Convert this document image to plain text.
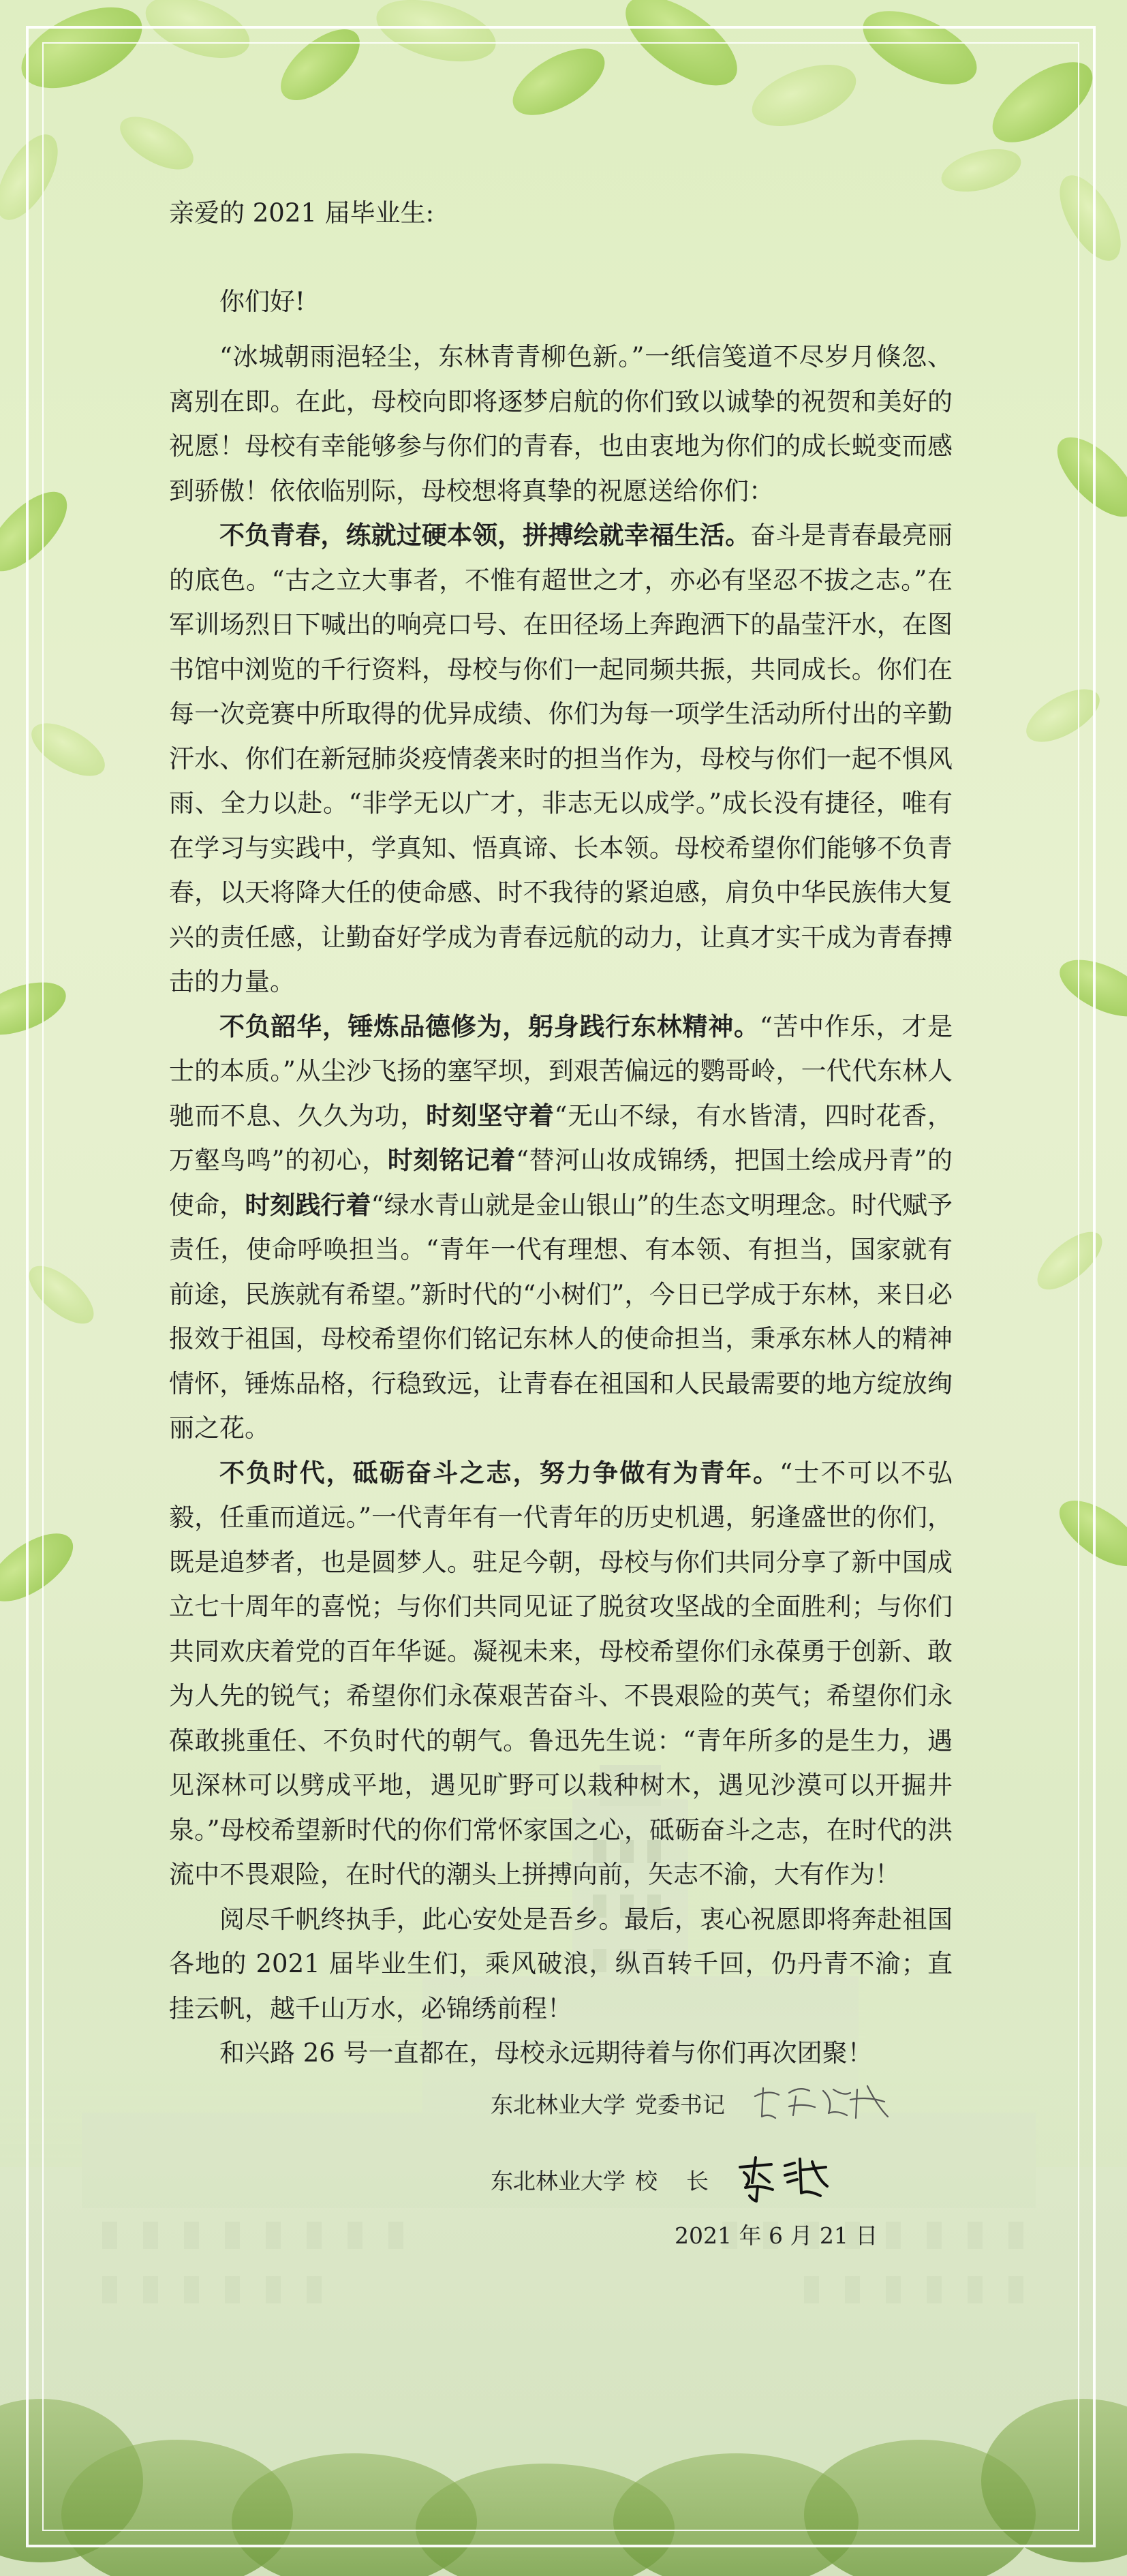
亲爱的 2021 届毕业生:

你们好!

“冰城朝雨浥轻尘，东林青青柳色新。”一纸信笺道不尽岁月倏忽、离别在即。在此，母校向即将逐梦启航的你们致以诚挚的祝贺和美好的祝愿！母校有幸能够参与你们的青春，也由衷地为你们的成长蜕变而感到骄傲！依依临别际，母校想将真挚的祝愿送给你们：

不负青春，练就过硬本领，拼搏绘就幸福生活。奋斗是青春最亮丽的底色。“古之立大事者，不惟有超世之才，亦必有坚忍不拔之志。”在军训场烈日下喊出的响亮口号、在田径场上奔跑洒下的晶莹汗水，在图书馆中浏览的千行资料，母校与你们一起同频共振，共同成长。你们在每一次竞赛中所取得的优异成绩、你们为每一项学生活动所付出的辛勤汗水、你们在新冠肺炎疫情袭来时的担当作为，母校与你们一起不惧风雨、全力以赴。“非学无以广才，非志无以成学。”成长没有捷径，唯有在学习与实践中，学真知、悟真谛、长本领。母校希望你们能够不负青春，以天将降大任的使命感、时不我待的紧迫感，肩负中华民族伟大复兴的责任感，让勤奋好学成为青春远航的动力，让真才实干成为青春搏击的力量。

不负韶华，锤炼品德修为，躬身践行东林精神。“苦中作乐，才是士的本质。”从尘沙飞扬的塞罕坝，到艰苦偏远的鹦哥岭，一代代东林人驰而不息、久久为功，时刻坚守着“无山不绿，有水皆清，四时花香，万壑鸟鸣”的初心，时刻铭记着“替河山妆成锦绣，把国土绘成丹青”的使命，时刻践行着“绿水青山就是金山银山”的生态文明理念。时代赋予责任，使命呼唤担当。“青年一代有理想、有本领、有担当，国家就有前途，民族就有希望。”新时代的“小树们”，今日已学成于东林，来日必报效于祖国，母校希望你们铭记东林人的使命担当，秉承东林人的精神情怀，锤炼品格，行稳致远，让青春在祖国和人民最需要的地方绽放绚丽之花。

不负时代，砥砺奋斗之志，努力争做有为青年。“士不可以不弘毅，任重而道远。”一代青年有一代青年的历史机遇，躬逢盛世的你们，既是追梦者，也是圆梦人。驻足今朝，母校与你们共同分享了新中国成立七十周年的喜悦；与你们共同见证了脱贫攻坚战的全面胜利；与你们共同欢庆着党的百年华诞。凝视未来，母校希望你们永葆勇于创新、敢为人先的锐气；希望你们永葆艰苦奋斗、不畏艰险的英气；希望你们永葆敢挑重任、不负时代的朝气。鲁迅先生说：“青年所多的是生力，遇见深林可以劈成平地，遇见旷野可以栽种树木，遇见沙漠可以开掘井泉。”母校希望新时代的你们常怀家国之心，砥砺奋斗之志，在时代的洪流中不畏艰险，在时代的潮头上拼搏向前，矢志不渝，大有作为！

阅尽千帆终执手，此心安处是吾乡。最后，衷心祝愿即将奔赴祖国各地的 2021 届毕业生们，乘风破浪，纵百转千回，仍丹青不渝；直挂云帆，越千山万水，必锦绣前程！

和兴路 26 号一直都在，母校永远期待着与你们再次团聚！

东北林业大学 党委书记
东北林业大学 校    长
2021 年 6 月 21 日
